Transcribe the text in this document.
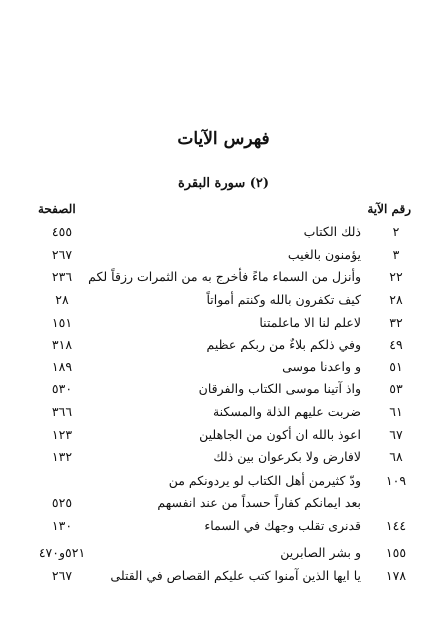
فهرس الآيات
(٢) سورة البقرة
رقم الآية
الصفحة
٢
ذلك الكتاب
٤٥٥
٣
يؤمنون بالغيب
٢٦٧
٢٢
وأنزل من السماء ماءً فأخرج به من الثمرات رزقاً لكم
٢٣٦
٢٨
كيف تكفرون بالله وكنتم أمواتاً
٢٨
٣٢
لاعلم لنا الا ماعلمتنا
١٥١
٤٩
وفي ذلكم بلاءٌ من ربكم عظيم
٣١٨
٥١
و واعدنا موسى
١٨٩
٥٣
واذ آتينا موسى الكتاب والفرقان
٥٣٠
٦١
ضربت عليهم الذلة والمسكنة
٣٦٦
٦٧
اعوذ بالله ان أكون من الجاهلين
١٢٣
٦٨
لافارض ولا بكرعوان بين ذلك
١٣٢
١٠٩
ودّ كثيرمن أهل الكتاب لو يردونكم من
بعد ايمانكم كفاراً حسداً من عند انفسهم
٥٢٥
١٤٤
قدنرى تقلب وجهك في السماء
١٣٠
١٥٥
و بشر الصابرين
٥٢١و٤٧٠
١٧٨
يا ايها الذين آمنوا كتب عليكم القصاص في القتلى
٢٦٧
